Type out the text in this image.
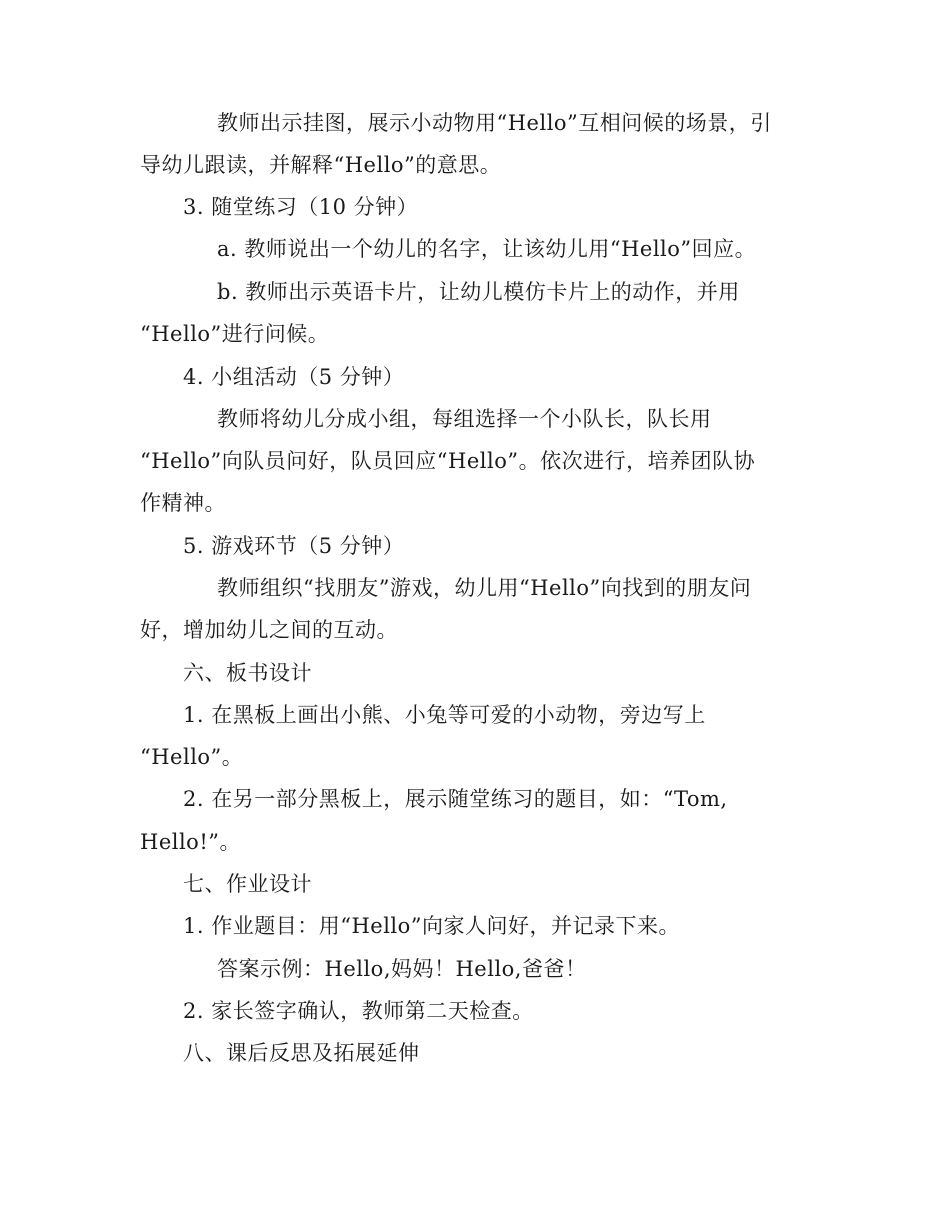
教师出示挂图，展示小动物用“Hello”互相问候的场景，引
导幼儿跟读，并解释“Hello”的意思。
3. 随堂练习（10 分钟）
a. 教师说出一个幼儿的名字，让该幼儿用“Hello”回应。
b. 教师出示英语卡片，让幼儿模仿卡片上的动作，并用
“Hello”进行问候。
4. 小组活动（5 分钟）
教师将幼儿分成小组，每组选择一个小队长，队长用
“Hello”向队员问好，队员回应“Hello”。依次进行，培养团队协
作精神。
5. 游戏环节（5 分钟）
教师组织“找朋友”游戏，幼儿用“Hello”向找到的朋友问
好，增加幼儿之间的互动。
六、板书设计
1. 在黑板上画出小熊、小兔等可爱的小动物，旁边写上
“Hello”。
2. 在另一部分黑板上，展示随堂练习的题目，如：“Tom,
Hello!”。
七、作业设计
1. 作业题目：用“Hello”向家人问好，并记录下来。
答案示例：Hello,妈妈！Hello,爸爸！
2. 家长签字确认，教师第二天检查。
八、课后反思及拓展延伸
